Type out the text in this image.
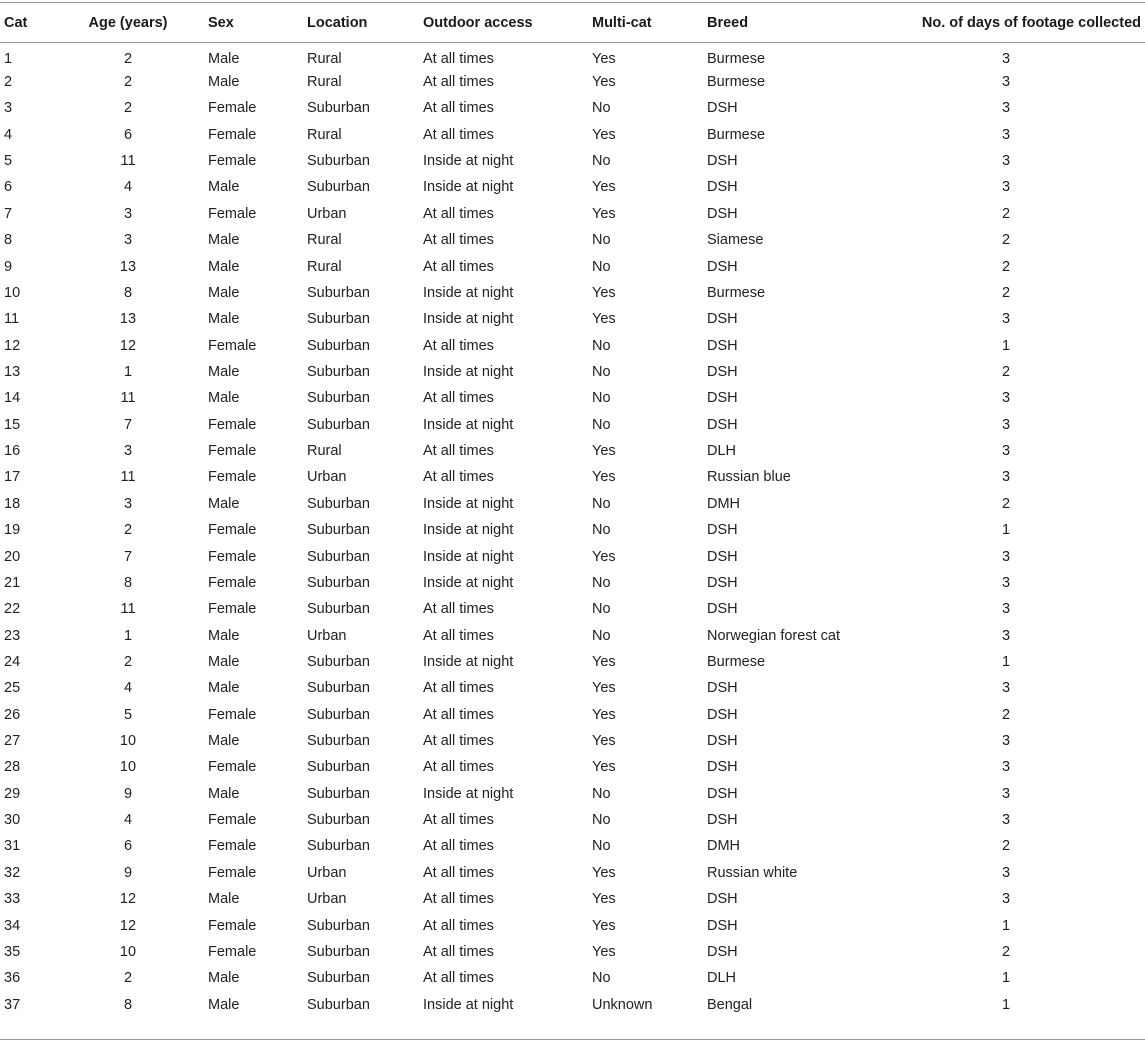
Cat	Age (years)	Sex	Location	Outdoor access	Multi-cat	Breed	No. of days of footage collected
1	2	Male	Rural	At all times	Yes	Burmese	3
2	2	Male	Rural	At all times	Yes	Burmese	3
3	2	Female	Suburban	At all times	No	DSH	3
4	6	Female	Rural	At all times	Yes	Burmese	3
5	11	Female	Suburban	Inside at night	No	DSH	3
6	4	Male	Suburban	Inside at night	Yes	DSH	3
7	3	Female	Urban	At all times	Yes	DSH	2
8	3	Male	Rural	At all times	No	Siamese	2
9	13	Male	Rural	At all times	No	DSH	2
10	8	Male	Suburban	Inside at night	Yes	Burmese	2
11	13	Male	Suburban	Inside at night	Yes	DSH	3
12	12	Female	Suburban	At all times	No	DSH	1
13	1	Male	Suburban	Inside at night	No	DSH	2
14	11	Male	Suburban	At all times	No	DSH	3
15	7	Female	Suburban	Inside at night	No	DSH	3
16	3	Female	Rural	At all times	Yes	DLH	3
17	11	Female	Urban	At all times	Yes	Russian blue	3
18	3	Male	Suburban	Inside at night	No	DMH	2
19	2	Female	Suburban	Inside at night	No	DSH	1
20	7	Female	Suburban	Inside at night	Yes	DSH	3
21	8	Female	Suburban	Inside at night	No	DSH	3
22	11	Female	Suburban	At all times	No	DSH	3
23	1	Male	Urban	At all times	No	Norwegian forest cat	3
24	2	Male	Suburban	Inside at night	Yes	Burmese	1
25	4	Male	Suburban	At all times	Yes	DSH	3
26	5	Female	Suburban	At all times	Yes	DSH	2
27	10	Male	Suburban	At all times	Yes	DSH	3
28	10	Female	Suburban	At all times	Yes	DSH	3
29	9	Male	Suburban	Inside at night	No	DSH	3
30	4	Female	Suburban	At all times	No	DSH	3
31	6	Female	Suburban	At all times	No	DMH	2
32	9	Female	Urban	At all times	Yes	Russian white	3
33	12	Male	Urban	At all times	Yes	DSH	3
34	12	Female	Suburban	At all times	Yes	DSH	1
35	10	Female	Suburban	At all times	Yes	DSH	2
36	2	Male	Suburban	At all times	No	DLH	1
37	8	Male	Suburban	Inside at night	Unknown	Bengal	1
